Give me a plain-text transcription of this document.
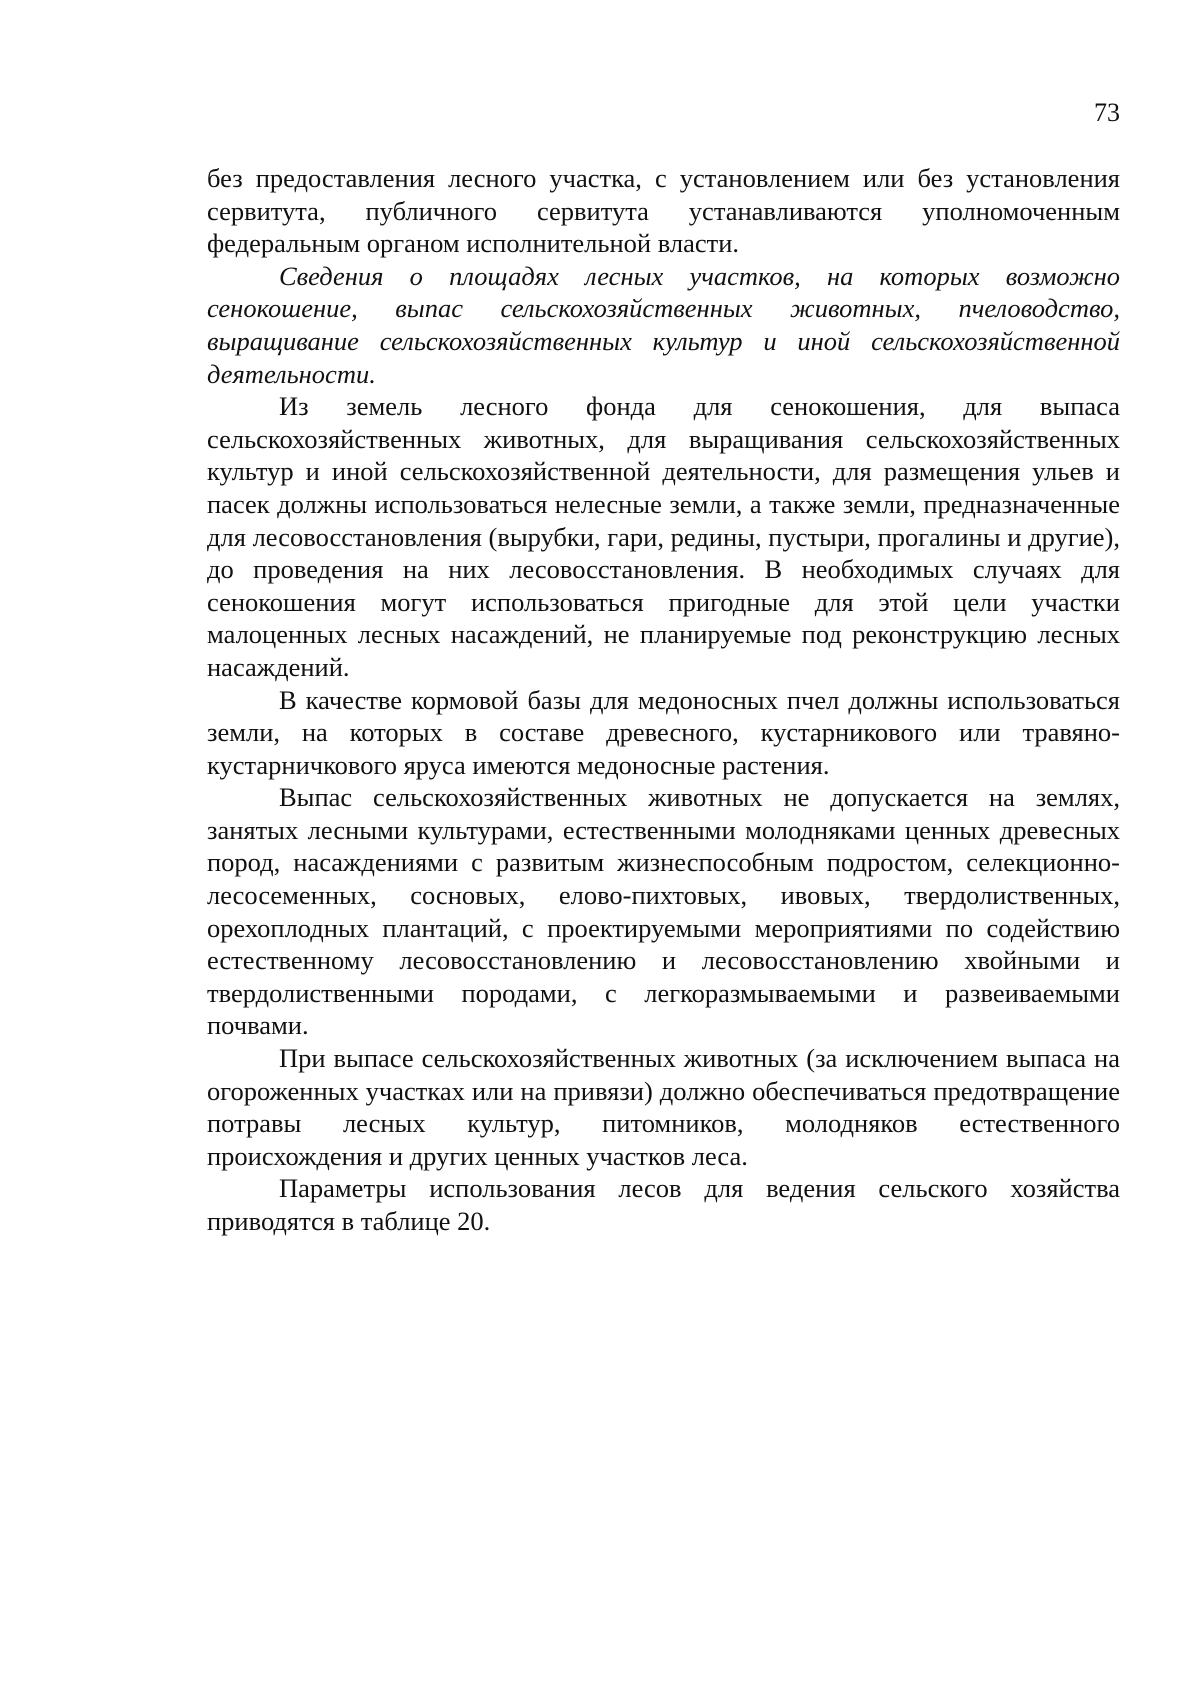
73

без предоставления лесного участка, с установлением или без установления сервитута, публичного сервитута устанавливаются уполномоченным федеральным органом исполнительной власти.

Сведения о площадях лесных участков, на которых возможно сенокошение, выпас сельскохозяйственных животных, пчеловодство, выращивание сельскохозяйственных культур и иной сельскохозяйственной деятельности.

Из земель лесного фонда для сенокошения, для выпаса сельскохозяйственных животных, для выращивания сельскохозяйственных культур и иной сельскохозяйственной деятельности, для размещения ульев и пасек должны использоваться нелесные земли, а также земли, предназначенные для лесовосстановления (вырубки, гари, редины, пустыри, прогалины и другие), до проведения на них лесовосстановления. В необходимых случаях для сенокошения могут использоваться пригодные для этой цели участки малоценных лесных насаждений, не планируемые под реконструкцию лесных насаждений.

В качестве кормовой базы для медоносных пчел должны использоваться земли, на которых в составе древесного, кустарникового или травяно-кустарничкового яруса имеются медоносные растения.

Выпас сельскохозяйственных животных не допускается на землях, занятых лесными культурами, естественными молодняками ценных древесных пород, насаждениями с развитым жизнеспособным подростом, селекционно-лесосеменных, сосновых, елово-пихтовых, ивовых, твердолиственных, орехоплодных плантаций, с проектируемыми мероприятиями по содействию естественному лесовосстановлению и лесовосстановлению хвойными и твердолиственными породами, с легкоразмываемыми и развеиваемыми почвами.

При выпасе сельскохозяйственных животных (за исключением выпаса на огороженных участках или на привязи) должно обеспечиваться предотвращение потравы лесных культур, питомников, молодняков естественного происхождения и других ценных участков леса.

Параметры использования лесов для ведения сельского хозяйства приводятся в таблице 20.
